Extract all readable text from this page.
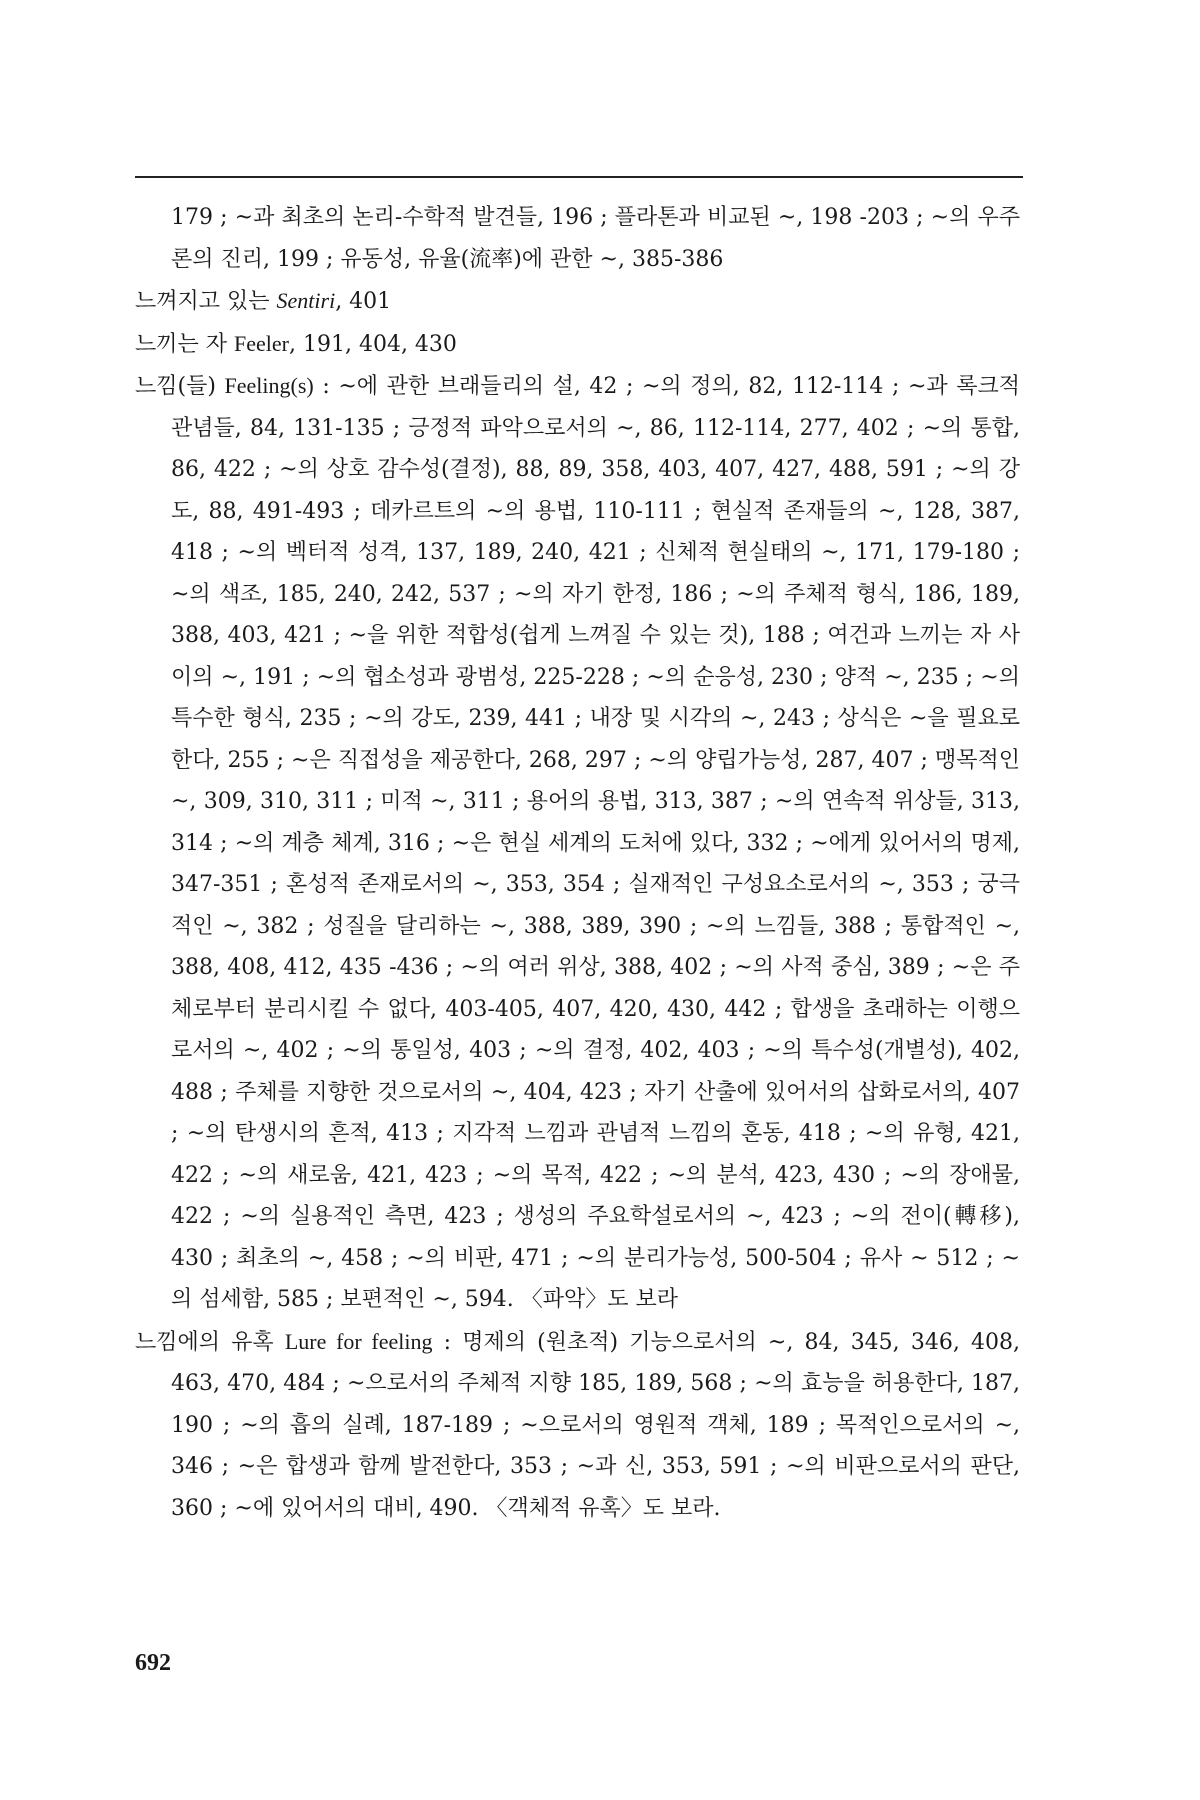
179 ; ~과 최초의 논리-수학적 발견들, 196 ; 플라톤과 비교된 ~, 198 -203 ; ~의 우주론의 진리, 199 ; 유동성, 유율(流率)에 관한 ~, 385-386
느껴지고 있는 Sentiri, 401
느끼는 자 Feeler, 191, 404, 430
느낌(들) Feeling(s) : ~에 관한 브래들리의 설, 42 ; ~의 정의, 82, 112-114 ; ~과 록크적 관념들, 84, 131-135 ; 긍정적 파악으로서의 ~, 86, 112-114, 277, 402 ; ~의 통합, 86, 422 ; ~의 상호 감수성(결정), 88, 89, 358, 403, 407, 427, 488, 591 ; ~의 강도, 88, 491-493 ; 데카르트의 ~의 용법, 110-111 ; 현실적 존재들의 ~, 128, 387, 418 ; ~의 벡터적 성격, 137, 189, 240, 421 ; 신체적 현실태의 ~, 171, 179-180 ; ~의 색조, 185, 240, 242, 537 ; ~의 자기 한정, 186 ; ~의 주체적 형식, 186, 189, 388, 403, 421 ; ~을 위한 적합성(쉽게 느껴질 수 있는 것), 188 ; 여건과 느끼는 자 사이의 ~, 191 ; ~의 협소성과 광범성, 225-228 ; ~의 순응성, 230 ; 양적 ~, 235 ; ~의 특수한 형식, 235 ; ~의 강도, 239, 441 ; 내장 및 시각의 ~, 243 ; 상식은 ~을 필요로 한다, 255 ; ~은 직접성을 제공한다, 268, 297 ; ~의 양립가능성, 287, 407 ; 맹목적인 ~, 309, 310, 311 ; 미적 ~, 311 ; 용어의 용법, 313, 387 ; ~의 연속적 위상들, 313, 314 ; ~의 계층 체계, 316 ; ~은 현실 세계의 도처에 있다, 332 ; ~에게 있어서의 명제, 347-351 ; 혼성적 존재로서의 ~, 353, 354 ; 실재적인 구성요소로서의 ~, 353 ; 궁극적인 ~, 382 ; 성질을 달리하는 ~, 388, 389, 390 ; ~의 느낌들, 388 ; 통합적인 ~, 388, 408, 412, 435 -436 ; ~의 여러 위상, 388, 402 ; ~의 사적 중심, 389 ; ~은 주체로부터 분리시킬 수 없다, 403-405, 407, 420, 430, 442 ; 합생을 초래하는 이행으로서의 ~, 402 ; ~의 통일성, 403 ; ~의 결정, 402, 403 ; ~의 특수성(개별성), 402, 488 ; 주체를 지향한 것으로서의 ~, 404, 423 ; 자기 산출에 있어서의 삽화로서의, 407 ; ~의 탄생시의 흔적, 413 ; 지각적 느낌과 관념적 느낌의 혼동, 418 ; ~의 유형, 421, 422 ; ~의 새로움, 421, 423 ; ~의 목적, 422 ; ~의 분석, 423, 430 ; ~의 장애물, 422 ; ~의 실용적인 측면, 423 ; 생성의 주요학설로서의 ~, 423 ; ~의 전이(轉移), 430 ; 최초의 ~, 458 ; ~의 비판, 471 ; ~의 분리가능성, 500-504 ; 유사 ~ 512 ; ~의 섬세함, 585 ; 보편적인 ~, 594. 〈파악〉도 보라
느낌에의 유혹 Lure for feeling : 명제의 (원초적) 기능으로서의 ~, 84, 345, 346, 408, 463, 470, 484 ; ~으로서의 주체적 지향 185, 189, 568 ; ~의 효능을 허용한다, 187, 190 ; ~의 흡의 실례, 187-189 ; ~으로서의 영원적 객체, 189 ; 목적인으로서의 ~, 346 ; ~은 합생과 함께 발전한다, 353 ; ~과 신, 353, 591 ; ~의 비판으로서의 판단, 360 ; ~에 있어서의 대비, 490. 〈객체적 유혹〉도 보라.
692
